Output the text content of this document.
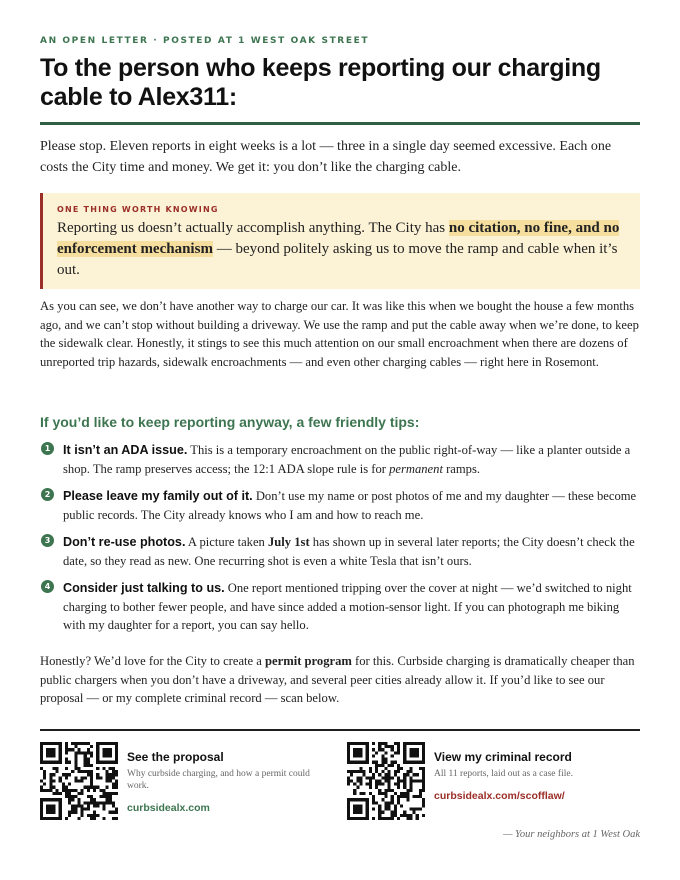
AN OPEN LETTER · POSTED AT 1 WEST OAK STREET
To the person who keeps reporting our charging cable to Alex311:

Please stop. Eleven reports in eight weeks is a lot — three in a single day seemed excessive. Each one costs the City time and money. We get it: you don’t like the charging cable.

ONE THING WORTH KNOWING

Reporting us doesn’t actually accomplish anything. The City has no citation, no fine, and no enforcement mechanism — beyond politely asking us to move the ramp and cable when it’s out.

As you can see, we don’t have another way to charge our car. It was like this when we bought the house a few months ago, and we can’t stop without building a driveway. We use the ramp and put the cable away when we’re done, to keep the sidewalk clear. Honestly, it stings to see this much attention on our small encroachment when there are dozens of unreported trip hazards, sidewalk encroachments — and even other charging cables — right here in Rosemont.

If you’d like to keep reporting anyway, a few friendly tips:
1 It isn’t an ADA issue. This is a temporary encroachment on the public right-of-way — like a planter outside a shop. The ramp preserves access; the 12:1 ADA slope rule is for permanent ramps.

2 Please leave my family out of it. Don’t use my name or post photos of me and my daughter — these become public records. The City already knows who I am and how to reach me.

3 Don’t re-use photos. A picture taken July 1st has shown up in several later reports; the City doesn’t check the date, so they read as new. One recurring shot is even a white Tesla that isn’t ours.

4 Consider just talking to us. One report mentioned tripping over the cover at night — we’d switched to night charging to bother fewer people, and have since added a motion-sensor light. If you can photograph me biking with my daughter for a report, you can say hello.

Honestly? We’d love for the City to create a permit program for this. Curbside charging is dramatically cheaper than public chargers when you don’t have a driveway, and several peer cities already allow it. If you’d like to see our proposal — or my complete criminal record — scan below.

See the proposal
Why curbside charging, and how a permit could work.
curbsidealx.com
View my criminal record
All 11 reports, laid out as a case file.
curbsidealx.com/scofflaw/
— Your neighbors at 1 West Oak
